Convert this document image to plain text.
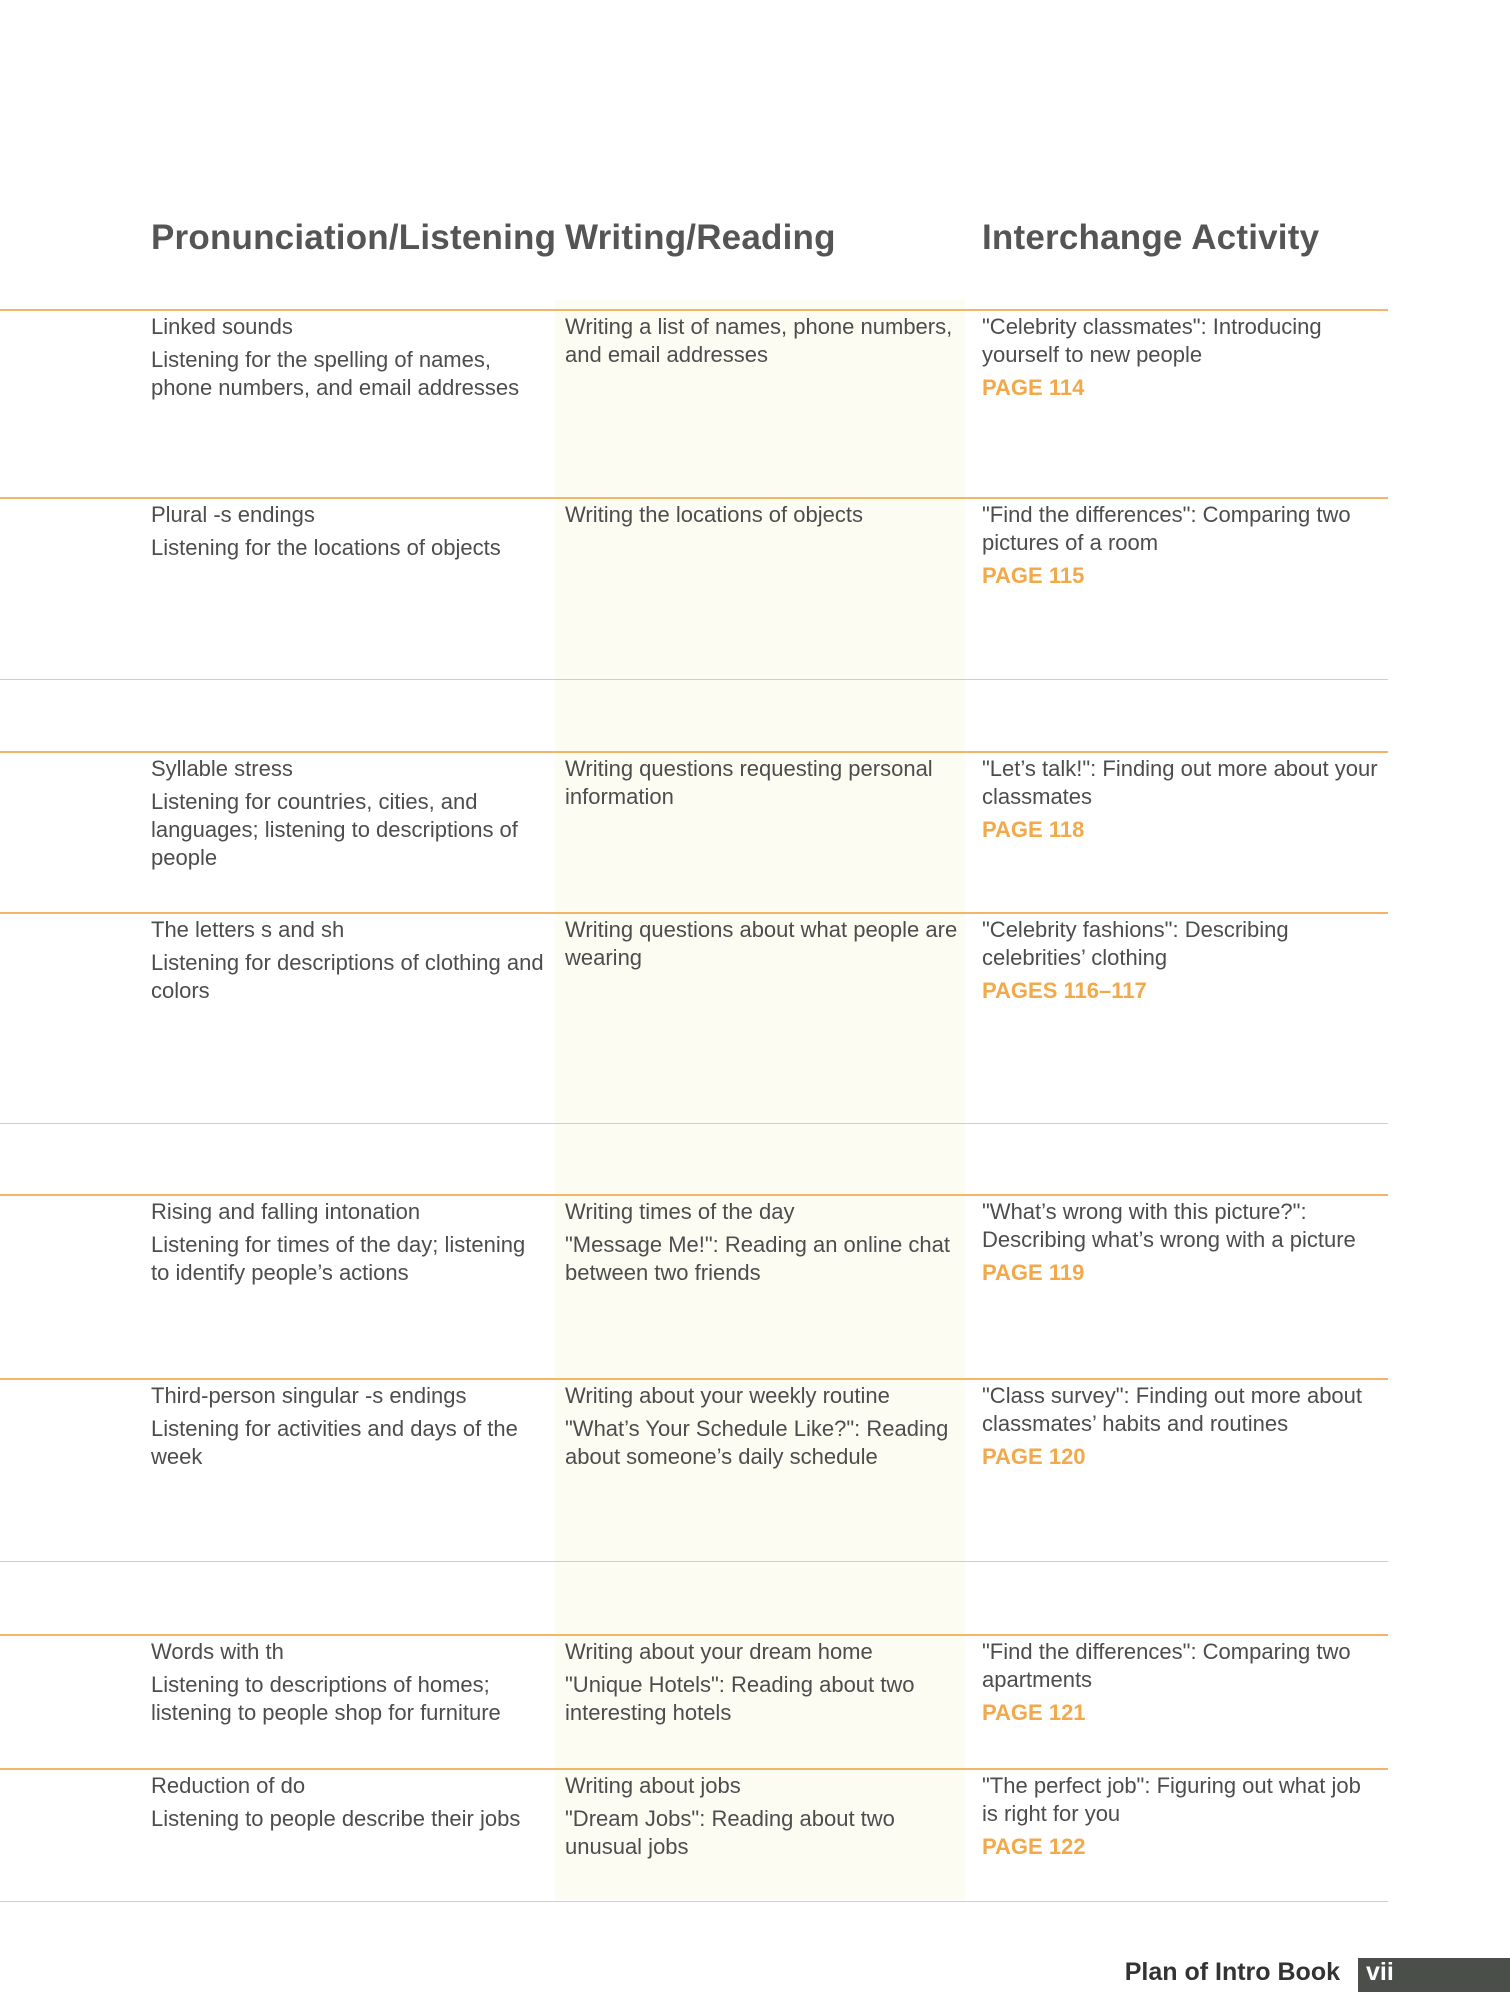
Pronunciation/Listening Writing/Reading	Interchange Activity

Linked sounds

Listening for the spelling of names, phone numbers, and email addresses

Writing a list of names, phone numbers, and email addresses

"Celebrity classmates": Introducing yourself to new people

PAGE 114

Plural -s endings

Listening for the locations of objects

Writing the locations of objects	"Find the differences": Comparing two pictures of a room

PAGE 115

Syllable stress

Listening for countries, cities, and languages; listening to descriptions of people

Writing questions requesting personal information

"Let’s talk!": Finding out more about your classmates

PAGE 118

The letters s and sh

Listening for descriptions of clothing and colors

Writing questions about what people are wearing

"Celebrity fashions": Describing celebrities’ clothing

PAGES 116–117

Rising and falling intonation

Listening for times of the day; listening to identify people’s actions

Writing times of the day

"Message Me!": Reading an online chat between two friends

"What’s wrong with this picture?": Describing what’s wrong with a picture

PAGE 119

Third-person singular -s endings

Listening for activities and days of the week

Writing about your weekly routine

"What’s Your Schedule Like?": Reading about someone’s daily schedule

"Class survey": Finding out more about classmates’ habits and routines

PAGE 120

Words with th

Listening to descriptions of homes; listening to people shop for furniture

Writing about your dream home

"Unique Hotels": Reading about two interesting hotels

"Find the differences": Comparing two apartments

PAGE 121

Reduction of do

Listening to people describe their jobs

Writing about jobs

"Dream Jobs": Reading about two unusual jobs

"The perfect job": Figuring out what job is right for you

PAGE 122
Plan of Intro Book vii
